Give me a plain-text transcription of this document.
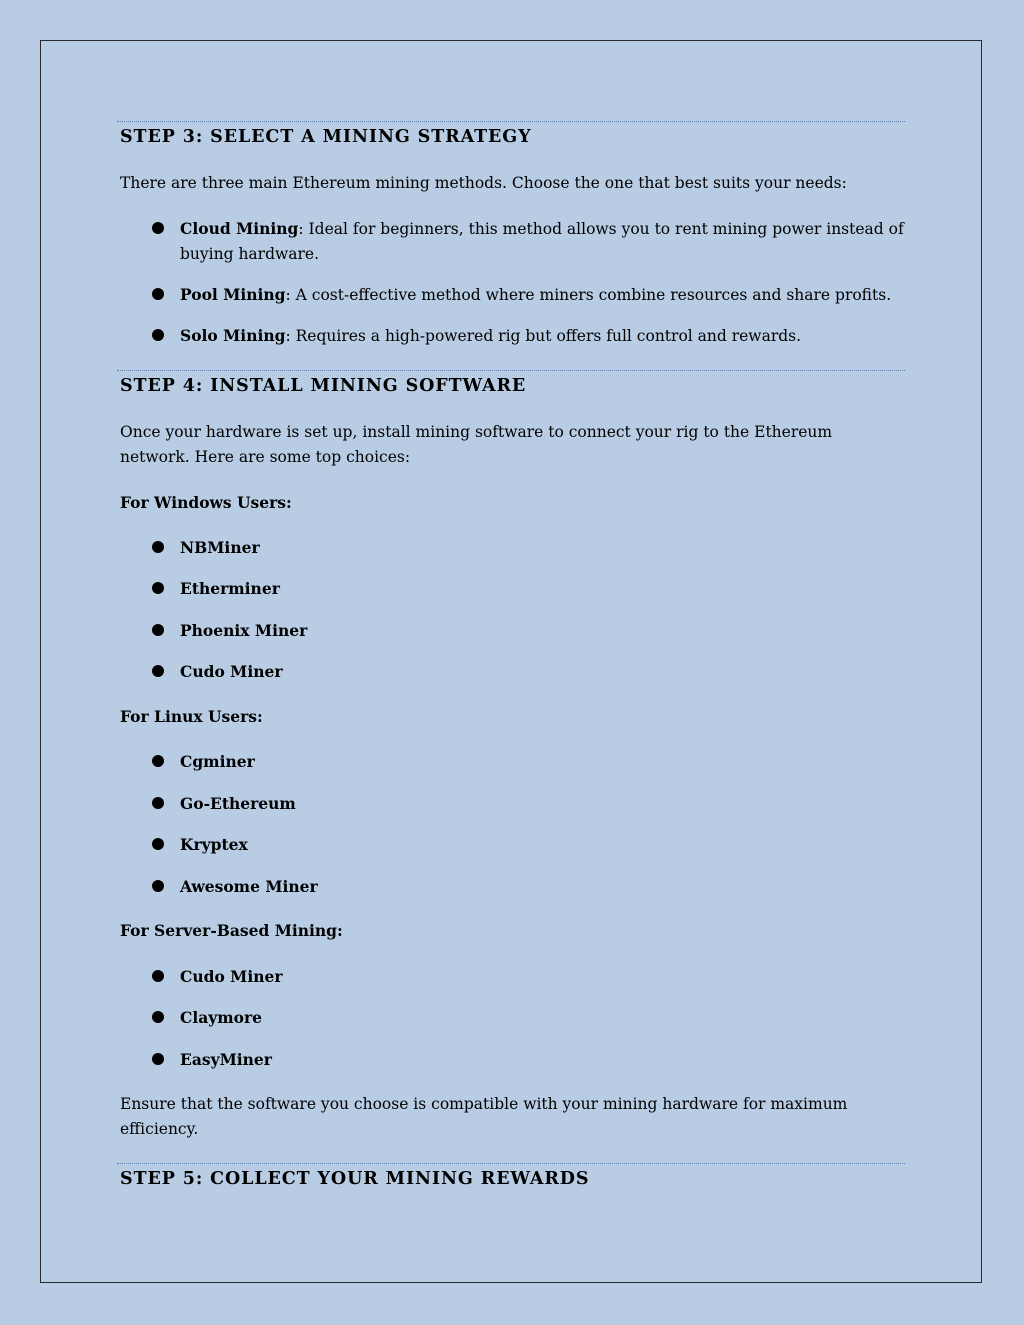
STEP 3: SELECT A MINING STRATEGY
There are three main Ethereum mining methods. Choose the one that best suits your needs:
Cloud Mining: Ideal for beginners, this method allows you to rent mining power instead of buying hardware.
Pool Mining: A cost-effective method where miners combine resources and share profits.
Solo Mining: Requires a high-powered rig but offers full control and rewards.
STEP 4: INSTALL MINING SOFTWARE
Once your hardware is set up, install mining software to connect your rig to the Ethereum network. Here are some top choices:
For Windows Users:
NBMiner
Etherminer
Phoenix Miner
Cudo Miner
For Linux Users:
Cgminer
Go-Ethereum
Kryptex
Awesome Miner
For Server-Based Mining:
Cudo Miner
Claymore
EasyMiner
Ensure that the software you choose is compatible with your mining hardware for maximum efficiency.
STEP 5: COLLECT YOUR MINING REWARDS
